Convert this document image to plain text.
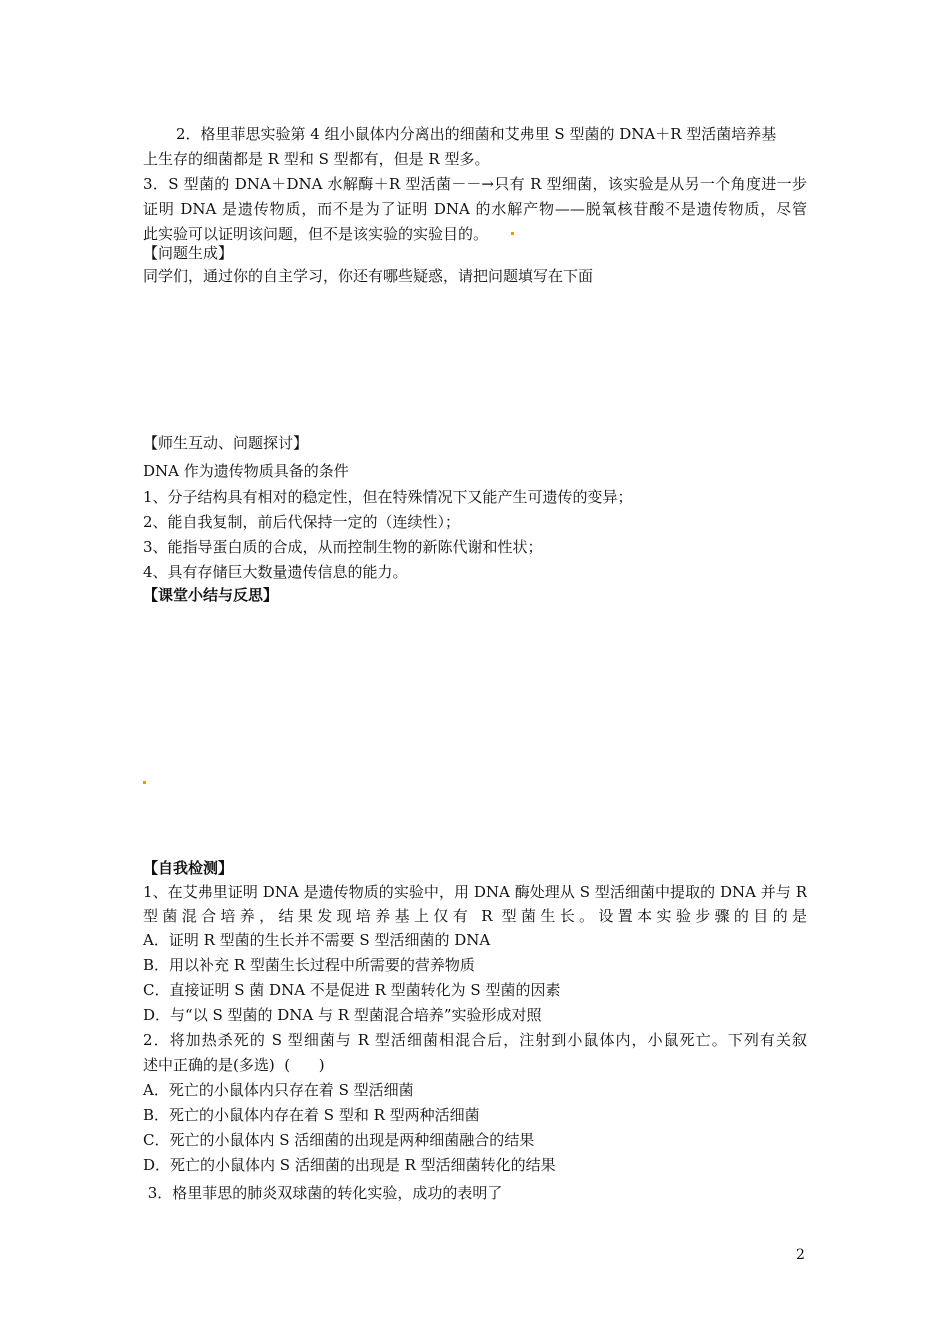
2．格里菲思实验第 4 组小鼠体内分离出的细菌和艾弗里 S 型菌的 DNA＋R 型活菌培养基
上生存的细菌都是 R 型和 S 型都有，但是 R 型多。
3．S 型菌的 DNA＋DNA 水解酶＋R 型活菌－－→只有 R 型细菌，该实验是从另一个角度进一步
证明 DNA 是遗传物质，而不是为了证明 DNA 的水解产物——脱氧核苷酸不是遗传物质，尽管
此实验可以证明该问题，但不是该实验的实验目的。
【问题生成】
同学们，通过你的自主学习，你还有哪些疑惑，请把问题填写在下面
【师生互动、问题探讨】
DNA 作为遗传物质具备的条件
1、分子结构具有相对的稳定性，但在特殊情况下又能产生可遗传的变异；
2、能自我复制，前后代保持一定的（连续性）；
3、能指导蛋白质的合成，从而控制生物的新陈代谢和性状；
4、具有存储巨大数量遗传信息的能力。
【课堂小结与反思】
【自我检测】
1、在艾弗里证明 DNA 是遗传物质的实验中，用 DNA 酶处理从 S 型活细菌中提取的 DNA 并与 R
型菌混合培养，结果发现培养基上仅有 R 型菌生长。设置本实验步骤的目的是
A．证明 R 型菌的生长并不需要 S 型活细菌的 DNA
B．用以补充 R 型菌生长过程中所需要的营养物质
C．直接证明 S 菌 DNA 不是促进 R 型菌转化为 S 型菌的因素
D．与“以 S 型菌的 DNA 与 R 型菌混合培养”实验形成对照
2．将加热杀死的 S 型细菌与 R 型活细菌相混合后，注射到小鼠体内，小鼠死亡。下列有关叙
述中正确的是(多选)  (      )
A．死亡的小鼠体内只存在着 S 型活细菌
B．死亡的小鼠体内存在着 S 型和 R 型两种活细菌
C．死亡的小鼠体内 S 活细菌的出现是两种细菌融合的结果
D．死亡的小鼠体内 S 活细菌的出现是 R 型活细菌转化的结果
3．格里菲思的肺炎双球菌的转化实验，成功的表明了
2
